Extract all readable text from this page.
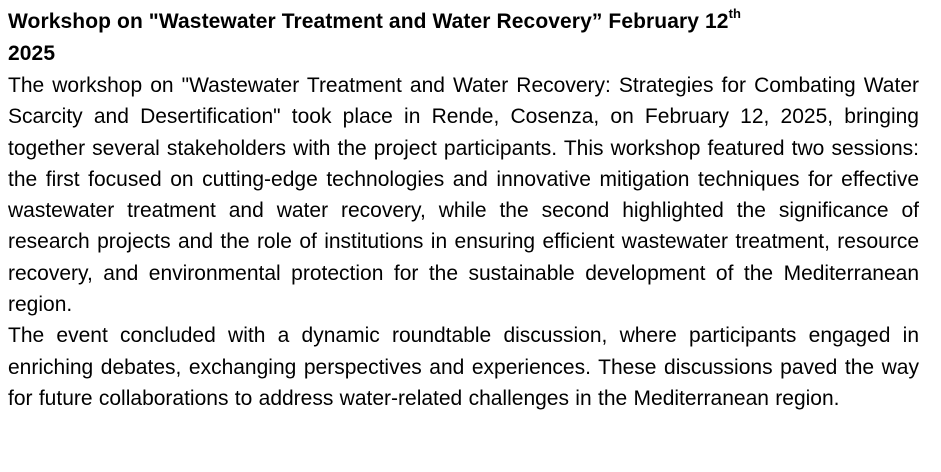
Workshop on "Wastewater Treatment and Water Recovery” February 12th
2025

The workshop on "Wastewater Treatment and Water Recovery: Strategies for Combating Water Scarcity and Desertification" took place in Rende, Cosenza, on February 12, 2025, bringing together several stakeholders with the project participants. This workshop featured two sessions: the first focused on cutting-edge technologies and innovative mitigation techniques for effective wastewater treatment and water recovery, while the second highlighted the significance of research projects and the role of institutions in ensuring efficient wastewater treatment, resource recovery, and environmental protection for the sustainable development of the Mediterranean region.

The event concluded with a dynamic roundtable discussion, where participants engaged in enriching debates, exchanging perspectives and experiences. These discussions paved the way for future collaborations to address water-related challenges in the Mediterranean region.
